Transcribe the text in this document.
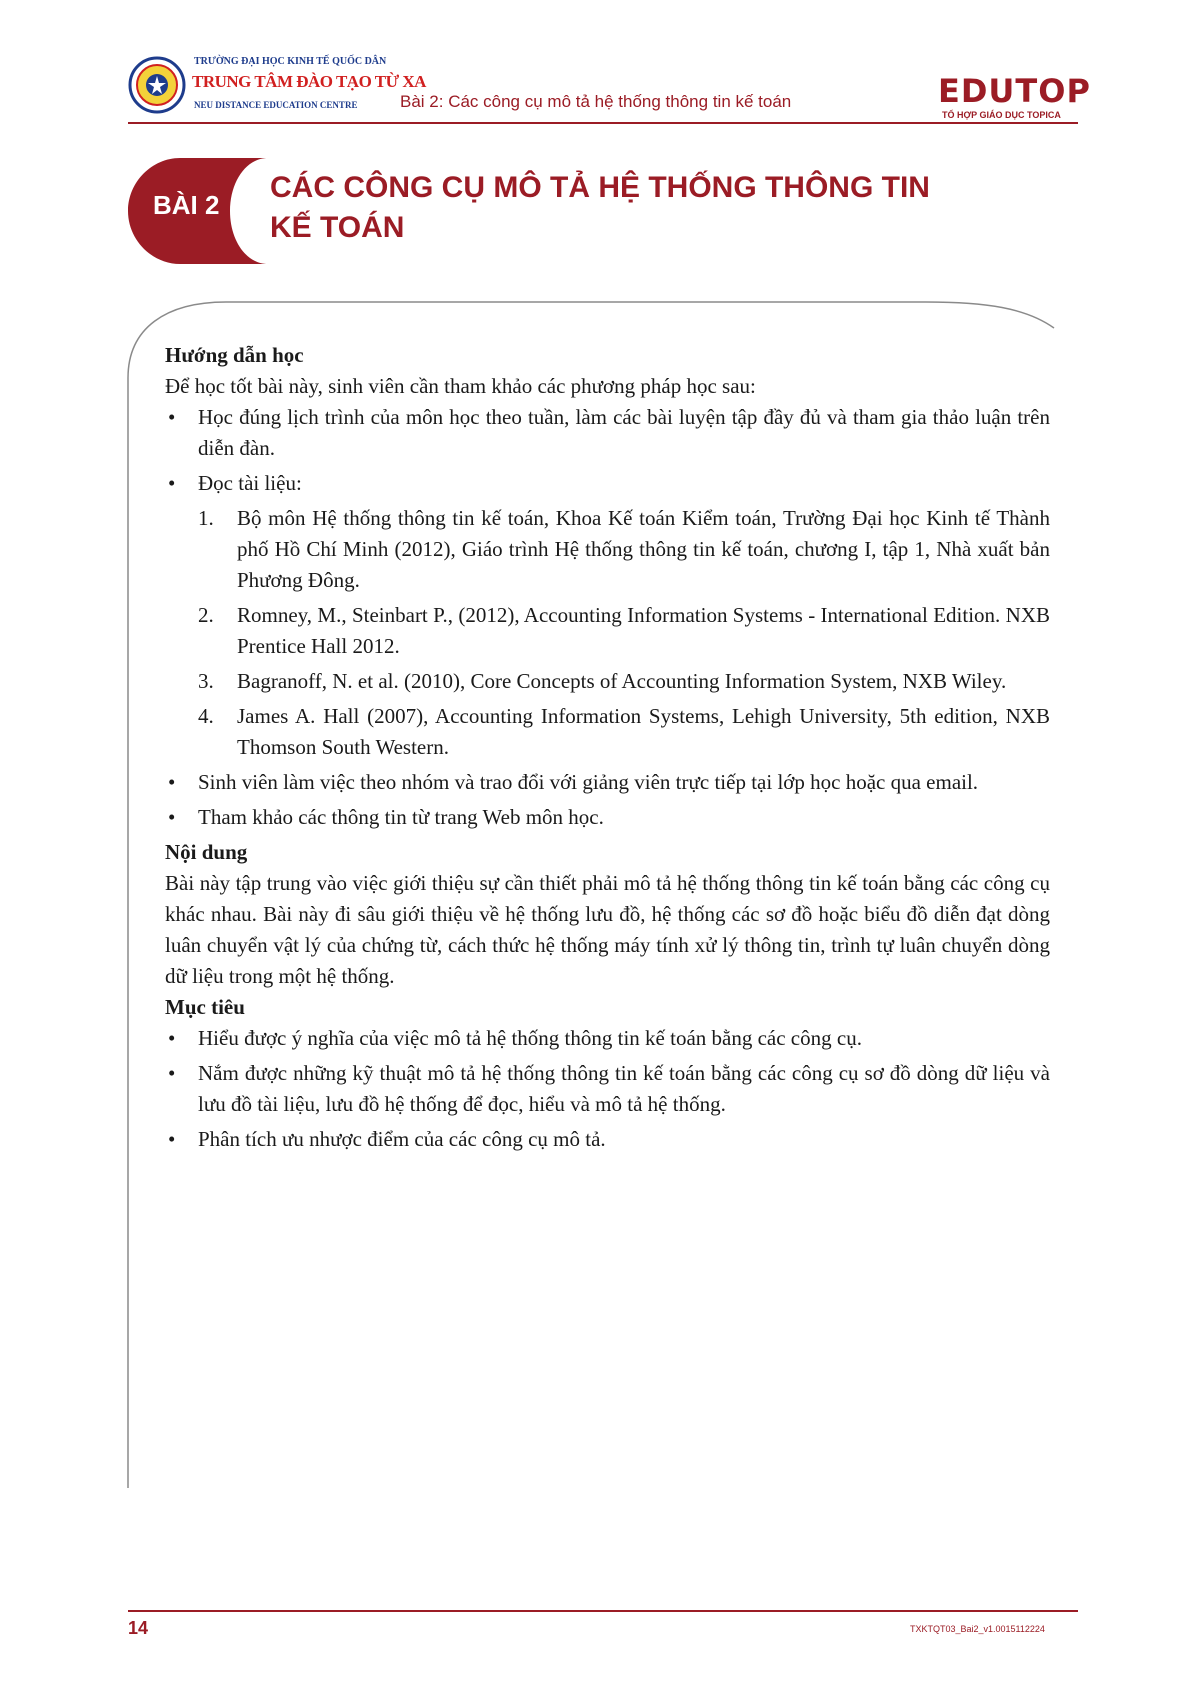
TRƯỜNG ĐẠI HỌC KINH TẾ QUỐC DÂN
TRUNG TÂM ĐÀO TẠO TỪ XA
NEU DISTANCE EDUCATION CENTRE	Bài 2: Các công cụ mô tả hệ thống thông tin kế toán	EDUTOP
TỔ HỢP GIÁO DỤC TOPICA
BÀI 2
CÁC CÔNG CỤ MÔ TẢ HỆ THỐNG THÔNG TIN
KẾ TOÁN

Hướng dẫn học

Để học tốt bài này, sinh viên cần tham khảo các phương pháp học sau:

• Học đúng lịch trình của môn học theo tuần, làm các bài luyện tập đầy đủ và tham gia thảo luận trên diễn đàn.
• Đọc tài liệu:
1. Bộ môn Hệ thống thông tin kế toán, Khoa Kế toán Kiểm toán, Trường Đại học Kinh tế Thành phố Hồ Chí Minh (2012), Giáo trình Hệ thống thông tin kế toán, chương I, tập 1, Nhà xuất bản Phương Đông.
2. Romney, M., Steinbart P., (2012), Accounting Information Systems - International Edition. NXB Prentice Hall 2012.
3. Bagranoff, N. et al. (2010), Core Concepts of Accounting Information System, NXB Wiley.
4. James A. Hall (2007), Accounting Information Systems, Lehigh University, 5th edition, NXB Thomson South Western.
• Sinh viên làm việc theo nhóm và trao đổi với giảng viên trực tiếp tại lớp học hoặc qua email.
• Tham khảo các thông tin từ trang Web môn học.

Nội dung

Bài này tập trung vào việc giới thiệu sự cần thiết phải mô tả hệ thống thông tin kế toán bằng các công cụ khác nhau. Bài này đi sâu giới thiệu về hệ thống lưu đồ, hệ thống các sơ đồ hoặc biểu đồ diễn đạt dòng luân chuyển vật lý của chứng từ, cách thức hệ thống máy tính xử lý thông tin, trình tự luân chuyển dòng dữ liệu trong một hệ thống.

Mục tiêu

• Hiểu được ý nghĩa của việc mô tả hệ thống thông tin kế toán bằng các công cụ.
• Nắm được những kỹ thuật mô tả hệ thống thông tin kế toán bằng các công cụ sơ đồ dòng dữ liệu và lưu đồ tài liệu, lưu đồ hệ thống để đọc, hiểu và mô tả hệ thống.
• Phân tích ưu nhược điểm của các công cụ mô tả.
14	TXKTQT03_Bai2_v1.0015112224
